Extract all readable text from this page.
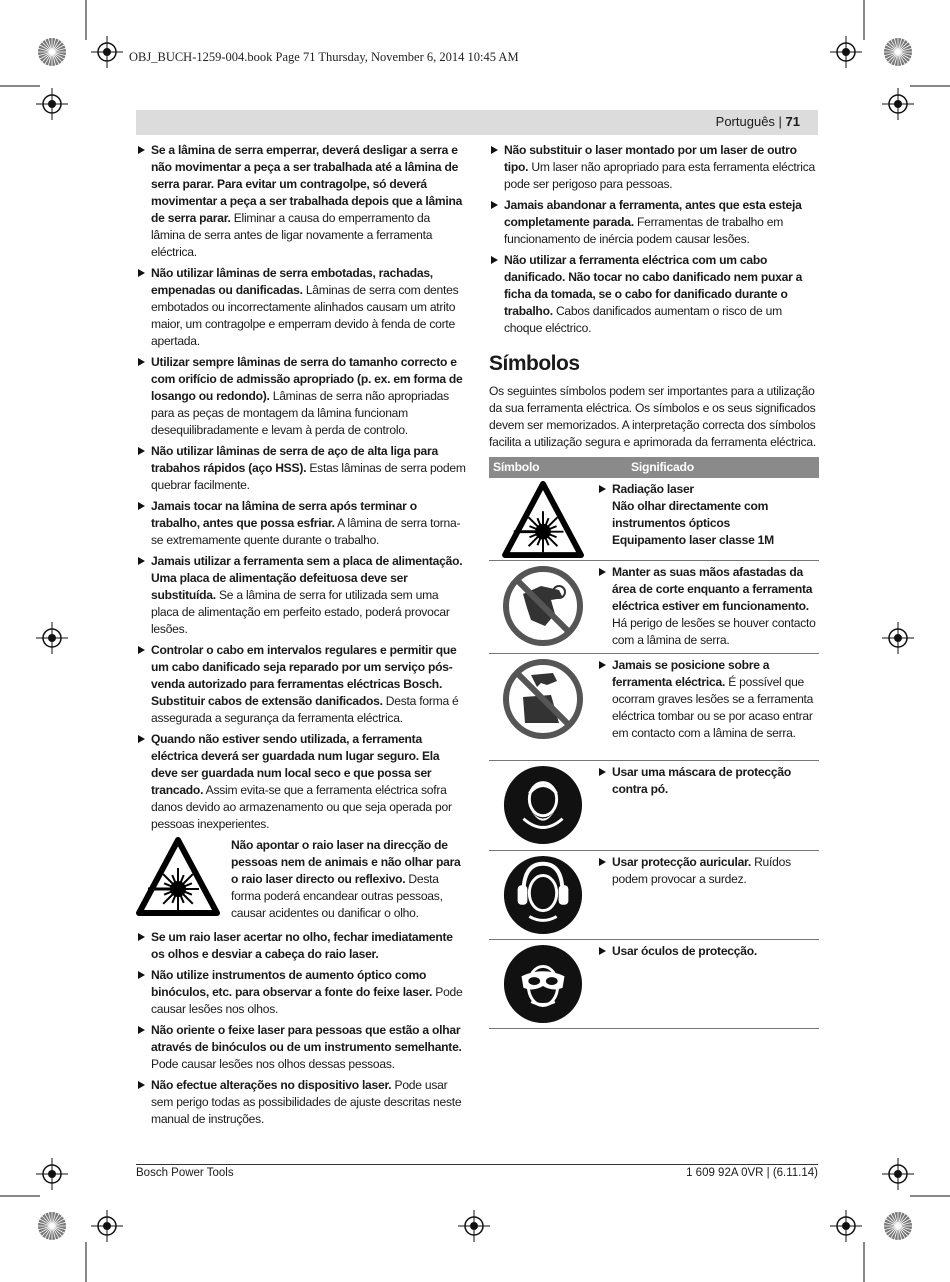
OBJ_BUCH-1259-004.book Page 71 Thursday, November 6, 2014 10:45 AM
Português | 71
Se a lâmina de serra emperrar, deverá desligar a serra e não movimentar a peça a ser trabalhada até a lâmina de serra parar. Para evitar um contragolpe, só deverá movimentar a peça a ser trabalhada depois que a lâmina de serra parar. Eliminar a causa do emperramento da lâmina de serra antes de ligar novamente a ferramenta eléctrica.
Não utilizar lâminas de serra embotadas, rachadas, empenadas ou danificadas. Lâminas de serra com dentes embotados ou incorrectamente alinhados causam um atrito maior, um contragolpe e emperram devido à fenda de corte apertada.
Utilizar sempre lâminas de serra do tamanho correcto e com orifício de admissão apropriado (p. ex. em forma de losango ou redondo). Lâminas de serra não apropriadas para as peças de montagem da lâmina funcionam desequilibradamente e levam à perda de controlo.
Não utilizar lâminas de serra de aço de alta liga para trabahos rápidos (aço HSS). Estas lâminas de serra podem quebrar facilmente.
Jamais tocar na lâmina de serra após terminar o trabalho, antes que possa esfriar. A lâmina de serra torna-se extremamente quente durante o trabalho.
Jamais utilizar a ferramenta sem a placa de alimentação. Uma placa de alimentação defeituosa deve ser substituída. Se a lâmina de serra for utilizada sem uma placa de alimentação em perfeito estado, poderá provocar lesões.
Controlar o cabo em intervalos regulares e permitir que um cabo danificado seja reparado por um serviço pós-venda autorizado para ferramentas eléctricas Bosch. Substituir cabos de extensão danificados. Desta forma é assegurada a segurança da ferramenta eléctrica.
Quando não estiver sendo utilizada, a ferramenta eléctrica deverá ser guardada num lugar seguro. Ela deve ser guardada num local seco e que possa ser trancado. Assim evita-se que a ferramenta eléctrica sofra danos devido ao armazenamento ou que seja operada por pessoas inexperientes.
Não apontar o raio laser na direcção de pessoas nem de animais e não olhar para o raio laser directo ou reflexivo. Desta forma poderá encandear outras pessoas, causar acidentes ou danificar o olho.
Se um raio laser acertar no olho, fechar imediatamente os olhos e desviar a cabeça do raio laser.
Não utilize instrumentos de aumento óptico como binóculos, etc. para observar a fonte do feixe laser. Pode causar lesões nos olhos.
Não oriente o feixe laser para pessoas que estão a olhar através de binóculos ou de um instrumento semelhante. Pode causar lesões nos olhos dessas pessoas.
Não efectue alterações no dispositivo laser. Pode usar sem perigo todas as possibilidades de ajuste descritas neste manual de instruções.
Não substituir o laser montado por um laser de outro tipo. Um laser não apropriado para esta ferramenta eléctrica pode ser perigoso para pessoas.
Jamais abandonar a ferramenta, antes que esta esteja completamente parada. Ferramentas de trabalho em funcionamento de inércia podem causar lesões.
Não utilizar a ferramenta eléctrica com um cabo danificado. Não tocar no cabo danificado nem puxar a ficha da tomada, se o cabo for danificado durante o trabalho. Cabos danificados aumentam o risco de um choque eléctrico.
Símbolos
Os seguintes símbolos podem ser importantes para a utilização da sua ferramenta eléctrica. Os símbolos e os seus significados devem ser memorizados. A interpretação correcta dos símbolos facilita a utilização segura e aprimorada da ferramenta eléctrica.
Símbolo	Significado

Radiação laser
Não olhar directamente com instrumentos ópticos
Equipamento laser classe 1M

Manter as suas mãos afastadas da área de corte enquanto a ferramenta eléctrica estiver em funcionamento. Há perigo de lesões se houver contacto com a lâmina de serra.

Jamais se posicione sobre a ferramenta eléctrica. É possível que ocorram graves lesões se a ferramenta eléctrica tombar ou se por acaso entrar em contacto com a lâmina de serra.

Usar uma máscara de protecção contra pó.

Usar protecção auricular. Ruídos podem provocar a surdez.

Usar óculos de protecção.
Bosch Power Tools	1 609 92A 0VR | (6.11.14)
